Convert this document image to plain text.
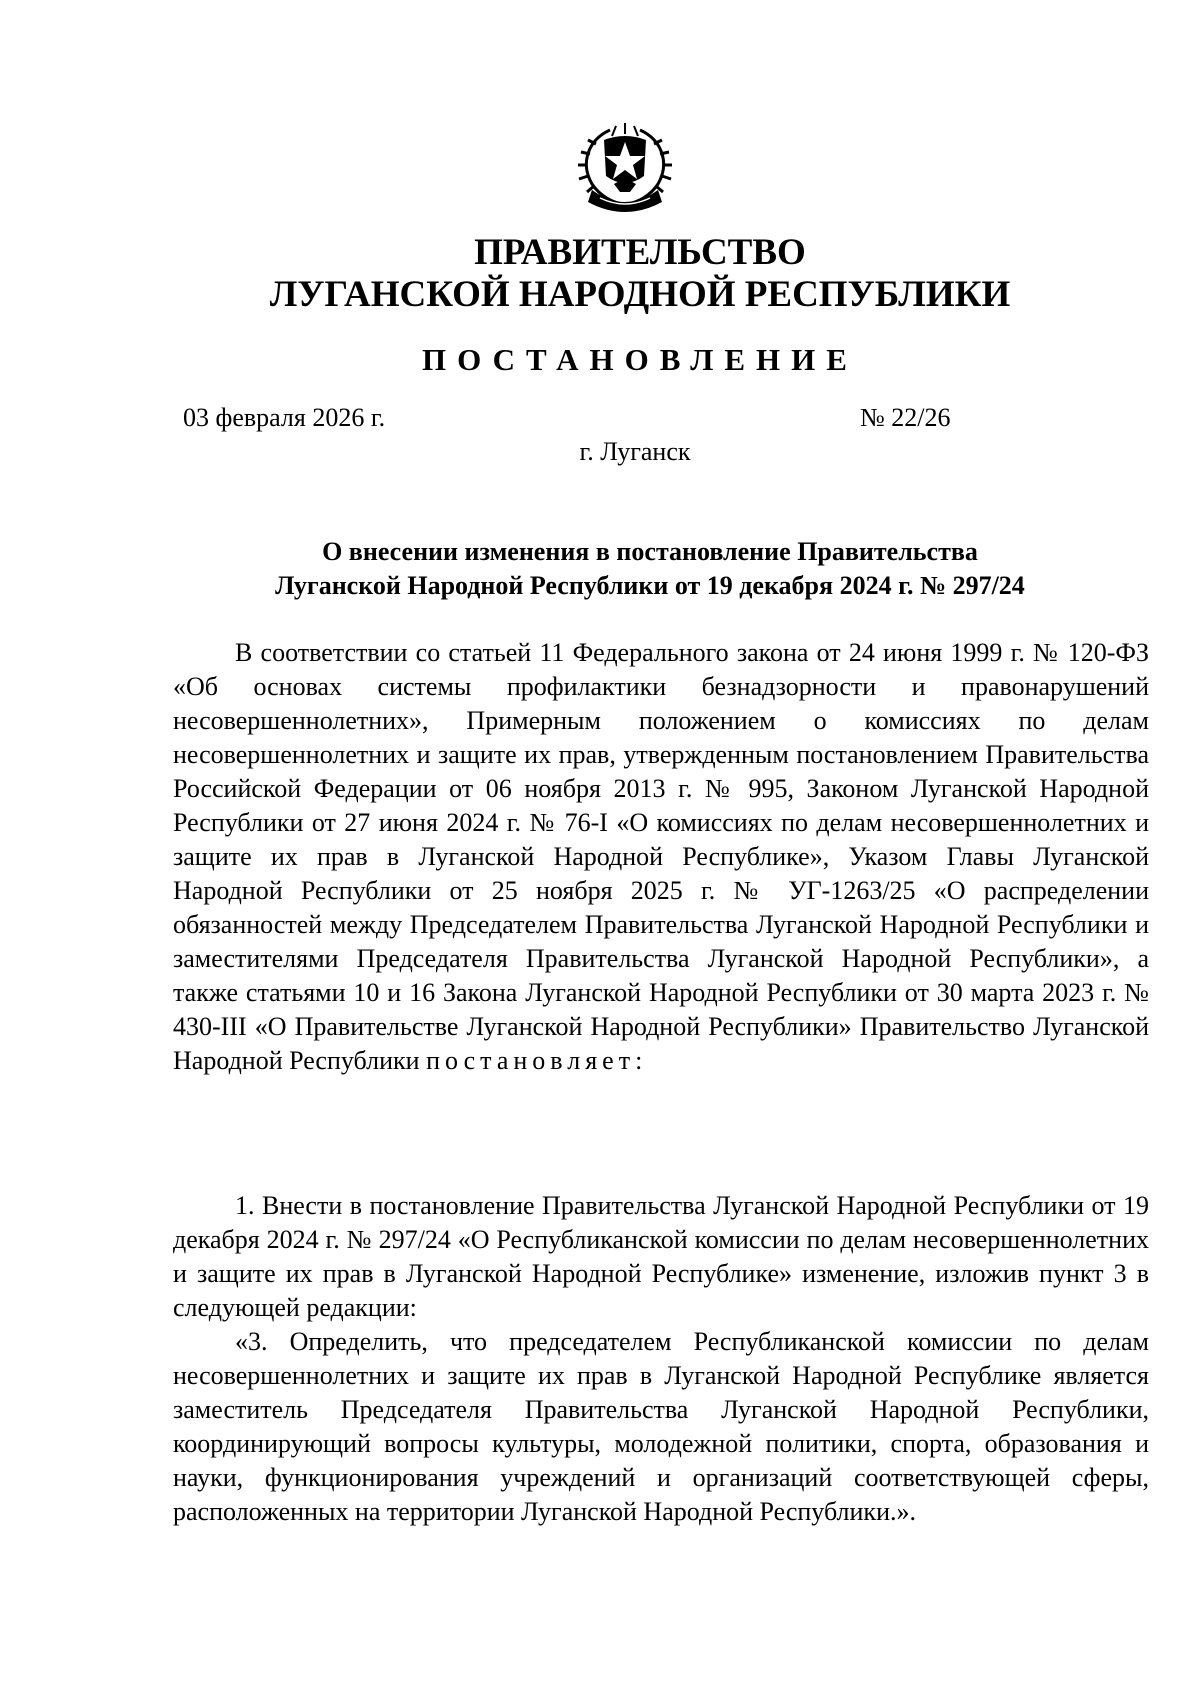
ПРАВИТЕЛЬСТВО
ЛУГАНСКОЙ НАРОДНОЙ РЕСПУБЛИКИ
ПОСТАНОВЛЕНИЕ
03 февраля 2026 г.	№ 22/26
г. Луганск
О внесении изменения в постановление Правительства
Луганской Народной Республики от 19 декабря 2024 г. № 297/24

В соответствии со статьей 11 Федерального закона от 24 июня 1999 г. № 120-ФЗ «Об основах системы профилактики безнадзорности и правонарушений несовершеннолетних», Примерным положением о комиссиях по делам несовершеннолетних и защите их прав, утвержденным постановлением Правительства Российской Федерации от 06 ноября 2013 г. № 995, Законом Луганской Народной Республики от 27 июня 2024 г. № 76-I «О комиссиях по делам несовершеннолетних и защите их прав в Луганской Народной Республике», Указом Главы Луганской Народной Республики от 25 ноября 2025 г. № УГ-1263/25 «О распределении обязанностей между Председателем Правительства Луганской Народной Республики и заместителями Председателя Правительства Луганской Народной Республики», а также статьями 10 и 16 Закона Луганской Народной Республики от 30 марта 2023 г. № 430-III «О Правительстве Луганской Народной Республики» Правительство Луганской Народной Республики постановляет:

1. Внести в постановление Правительства Луганской Народной Республики от 19 декабря 2024 г. № 297/24 «О Республиканской комиссии по делам несовершеннолетних и защите их прав в Луганской Народной Республике» изменение, изложив пункт 3 в следующей редакции:

«3. Определить, что председателем Республиканской комиссии по делам несовершеннолетних и защите их прав в Луганской Народной Республике является заместитель Председателя Правительства Луганской Народной Республики, координирующий вопросы культуры, молодежной политики, спорта, образования и науки, функционирования учреждений и организаций соответствующей сферы, расположенных на территории Луганской Народной Республики.».
